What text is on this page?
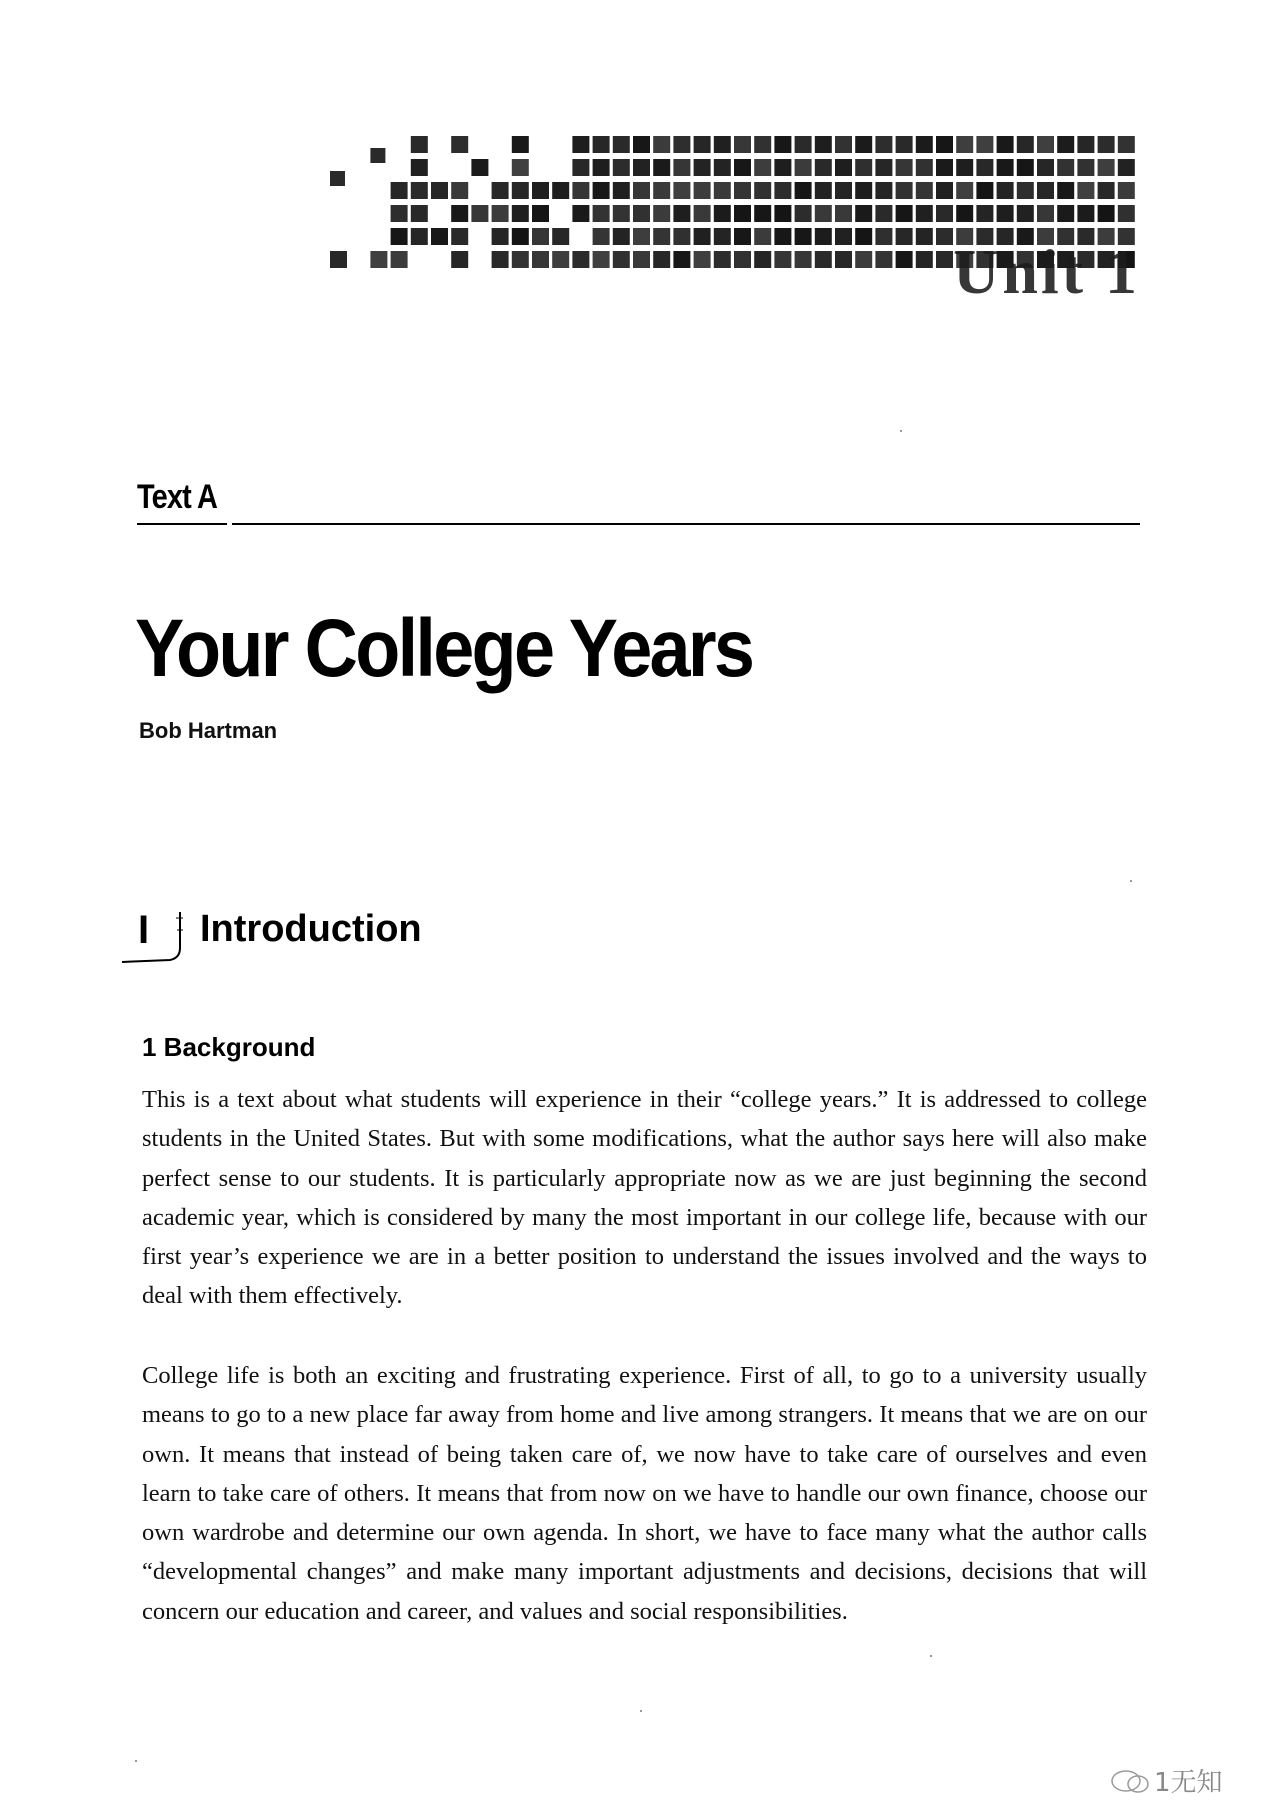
Unit 1
Text A
Your College Years
Bob Hartman
I Introduction
1 Background

This is a text about what students will experience in their “college years.” It is addressed to college students in the United States. But with some modifications, what the author says here will also make perfect sense to our students. It is particularly appropriate now as we are just beginning the second academic year, which is considered by many the most important in our college life, because with our first year’s experience we are in a better position to understand the issues involved and the ways to deal with them effectively.

College life is both an exciting and frustrating experience. First of all, to go to a university usually means to go to a new place far away from home and live among strangers. It means that we are on our own. It means that instead of being taken care of, we now have to take care of ourselves and even learn to take care of others. It means that from now on we have to handle our own finance, choose our own wardrobe and determine our own agenda. In short, we have to face many what the author calls “developmental changes” and make many important adjustments and decisions, decisions that will concern our education and career, and values and social responsibilities.

1无知
